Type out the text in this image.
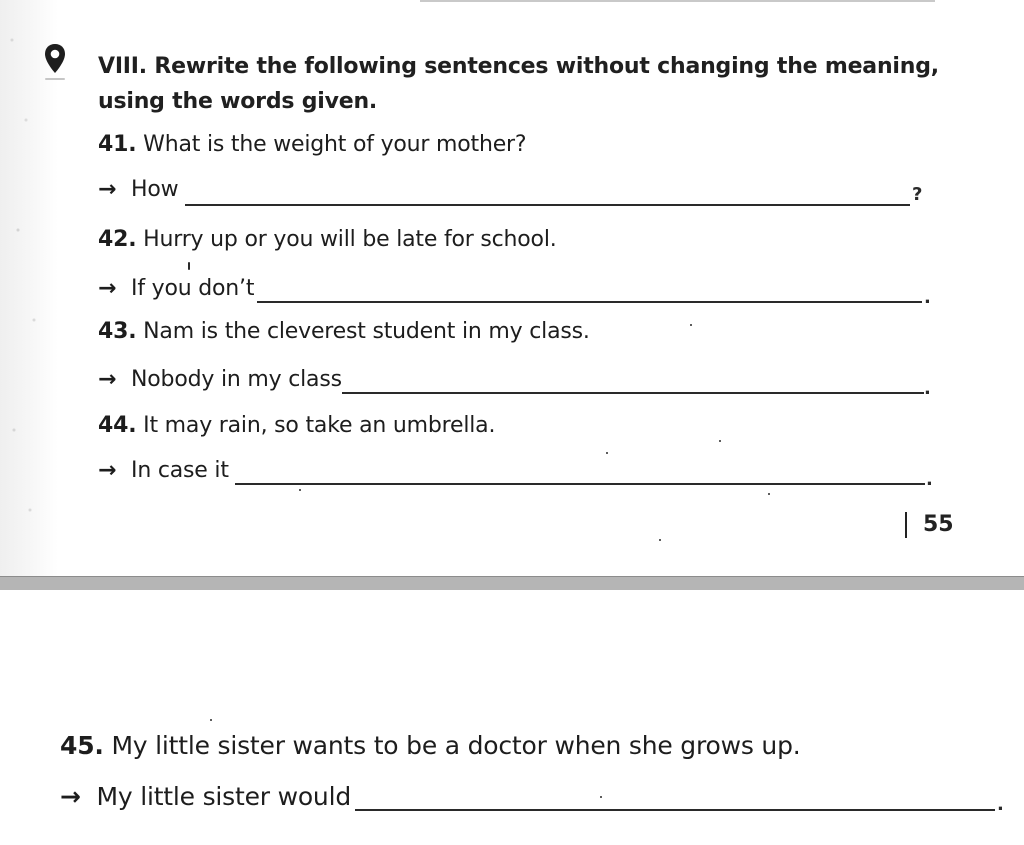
VIII. Rewrite the following sentences without changing the meaning, using the words given.
41. What is the weight of your mother?
→ How	?
42. Hurry up or you will be late for school.
→ If you don’t	.
43. Nam is the cleverest student in my class.
→ Nobody in my class	.
44. It may rain, so take an umbrella.
→ In case it	.
55
45. My little sister wants to be a doctor when she grows up.
→ My little sister would	.
